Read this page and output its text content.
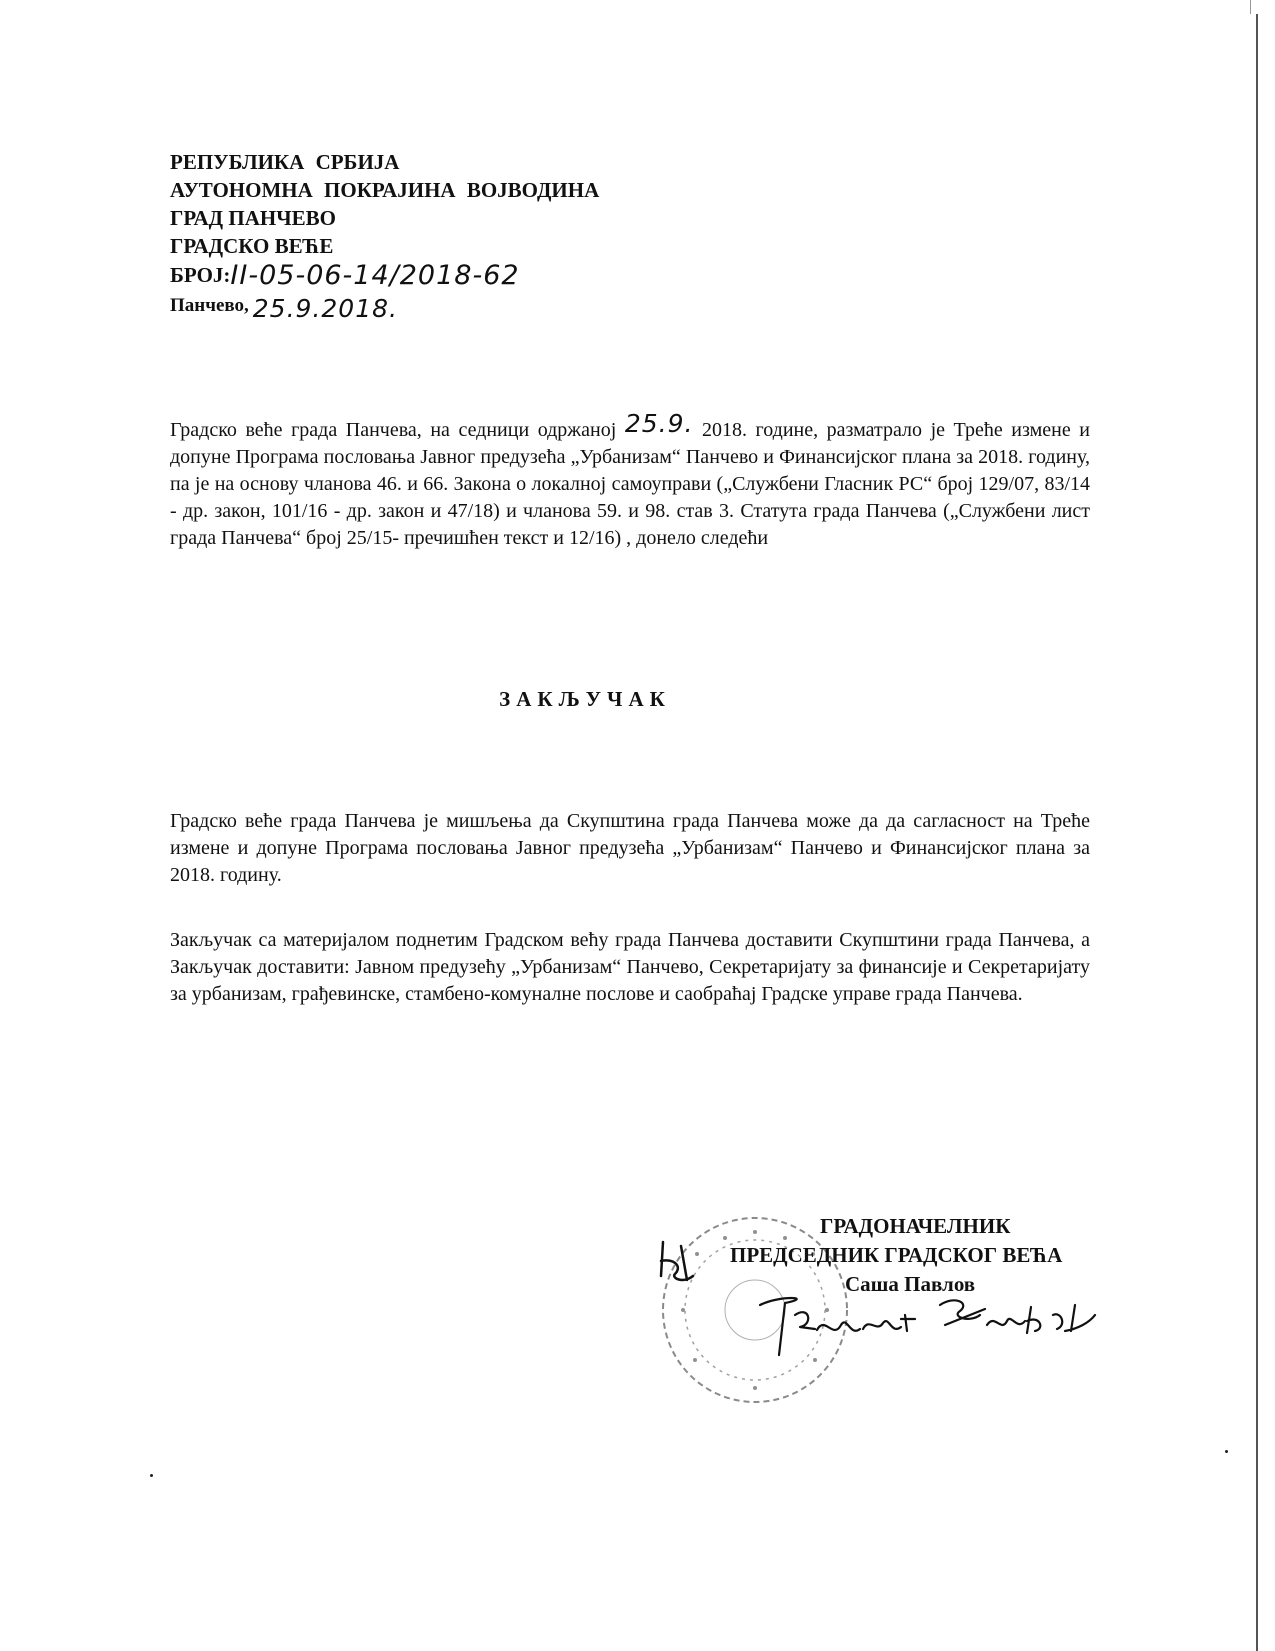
РЕПУБЛИКА СРБИЈА
АУТОНОМНА ПОКРАЈИНА ВОЈВОДИНА
ГРАД ПАНЧЕВО
ГРАДСКО ВЕЋЕ
БРОЈ:II-05-06-14/2018-62
Панчево, 25.9.2018.
Градско веће града Панчева, на седници одржаној 25.9. 2018. године, разматрало је Треће измене и допуне Програма пословања Јавног предузећа „Урбанизам“ Панчево и Финансијског плана за 2018. годину, па је на основу чланова 46. и 66. Закона о локалној самоуправи („Службени Гласник РС“ број 129/07, 83/14 - др. закон, 101/16 - др. закон и 47/18) и чланова 59. и 98. став 3. Статута града Панчева („Службени лист града Панчева“ број 25/15- пречишћен текст и 12/16) , донело следећи
ЗАКЉУЧАК
Градско веће града Панчева је мишљења да Скупштина града Панчева може да да сагласност на Треће измене и допуне Програма пословања Јавног предузећа „Урбанизам“ Панчево и Финансијског плана за 2018. годину.
Закључак са материјалом поднетим Градском већу града Панчева доставити Скупштини града Панчева, а Закључак доставити: Јавном предузећу „Урбанизам“ Панчево, Секретаријату за финансије и Секретаријату за урбанизам, грађевинске, стамбено-комуналне послове и саобраћај Градске управе града Панчева.
ГРАДОНАЧЕЛНИК
ПРЕДСЕДНИК ГРАДСКОГ ВЕЋА
Саша Павлов
